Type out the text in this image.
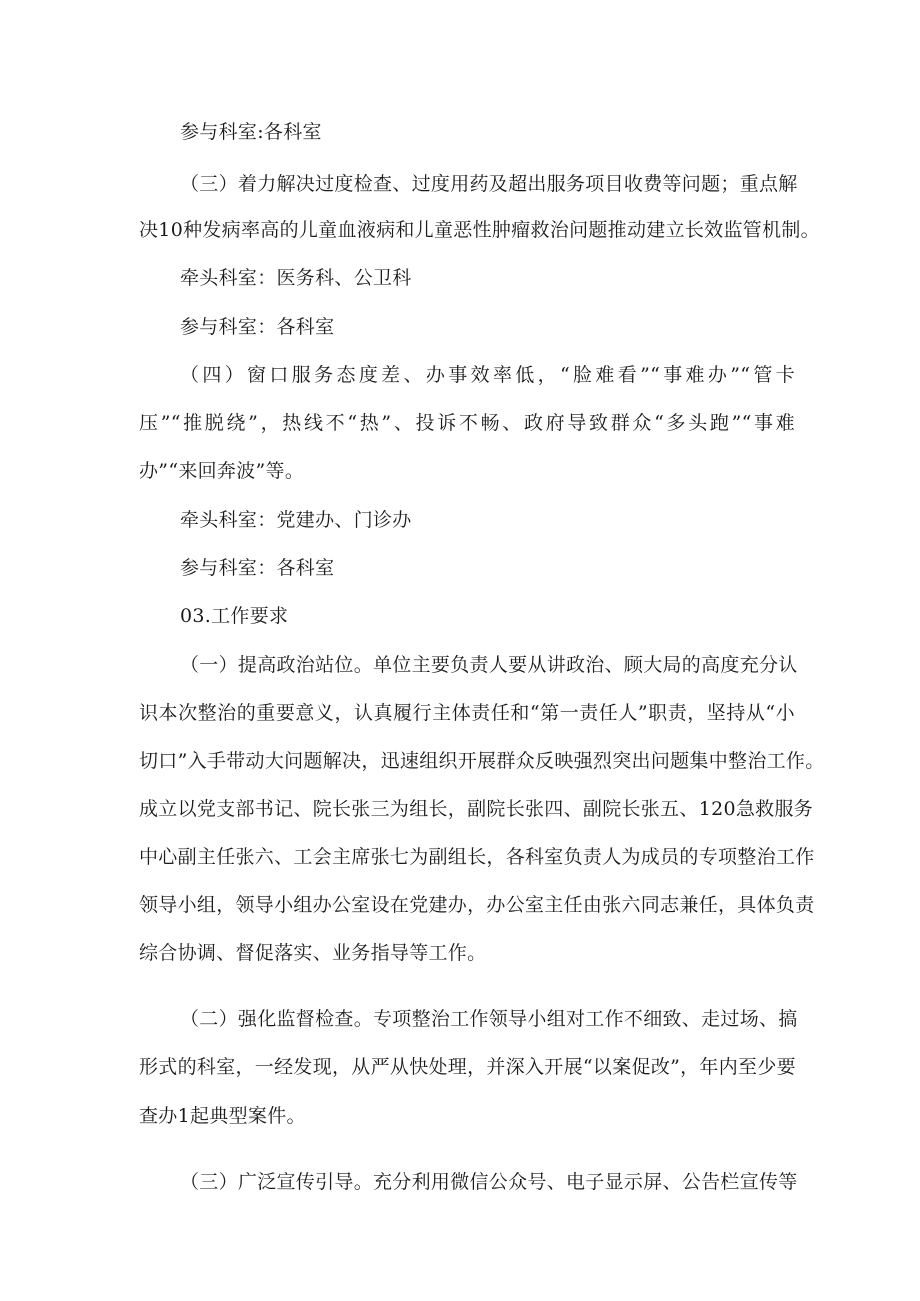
参与科室:各科室
（三）着力解决过度检查、过度用药及超出服务项目收费等问题；重点解
决10种发病率高的儿童血液病和儿童恶性肿瘤救治问题推动建立长效监管机制。
牵头科室：医务科、公卫科
参与科室：各科室
（四）窗口服务态度差、办事效率低，“脸难看”“事难办”“管卡
压”“推脱绕”，热线不“热”、投诉不畅、政府导致群众“多头跑”“事难
办”“来回奔波”等。
牵头科室：党建办、门诊办
参与科室：各科室
03.工作要求
（一）提高政治站位。单位主要负责人要从讲政治、顾大局的高度充分认
识本次整治的重要意义，认真履行主体责任和“第一责任人”职责，坚持从“小
切口”入手带动大问题解决，迅速组织开展群众反映强烈突出问题集中整治工作。
成立以党支部书记、院长张三为组长，副院长张四、副院长张五、120急救服务
中心副主任张六、工会主席张七为副组长，各科室负责人为成员的专项整治工作
领导小组，领导小组办公室设在党建办，办公室主任由张六同志兼任，具体负责
综合协调、督促落实、业务指导等工作。
（二）强化监督检查。专项整治工作领导小组对工作不细致、走过场、搞
形式的科室，一经发现，从严从快处理，并深入开展“以案促改”，年内至少要
查办1起典型案件。
（三）广泛宣传引导。充分利用微信公众号、电子显示屏、公告栏宣传等
